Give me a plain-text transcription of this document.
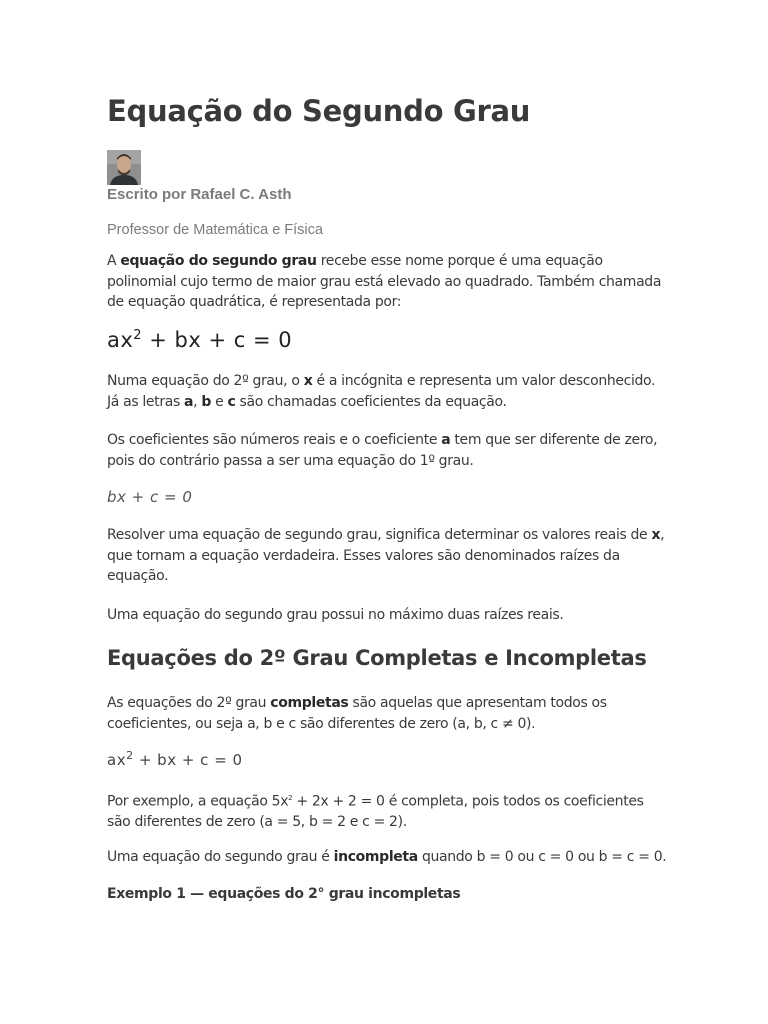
Equação do Segundo Grau
Escrito por Rafael C. Asth
Professor de Matemática e Física

A equação do segundo grau recebe esse nome porque é uma equação polinomial cujo termo de maior grau está elevado ao quadrado. Também chamada de equação quadrática, é representada por:

$ax^2$ + bx + c = 0

Numa equação do 2º grau, o x é a incógnita e representa um valor desconhecido. Já as letras a, b e c são chamadas coeficientes da equação.

Os coeficientes são números reais e o coeficiente a tem que ser diferente de zero, pois do contrário passa a ser uma equação do 1º grau.

bx + c = 0

Resolver uma equação de segundo grau, significa determinar os valores reais de x, que tornam a equação verdadeira. Esses valores são denominados raízes da equação.

Uma equação do segundo grau possui no máximo duas raízes reais.

Equações do 2º Grau Completas e Incompletas

As equações do 2º grau completas são aquelas que apresentam todos os coeficientes, ou seja a, b e c são diferentes de zero (a, b, c ≠ 0).

$ax^2$ + bx + c = 0

Por exemplo, a equação $5x^2 + 2x + 2 = 0$ é completa, pois todos os coeficientes são diferentes de zero (a = 5, b = 2 e c = 2).

Uma equação do segundo grau é incompleta quando b = 0 ou c = 0 ou b = c = 0.

Exemplo 1 — equações do 2° grau incompletas
